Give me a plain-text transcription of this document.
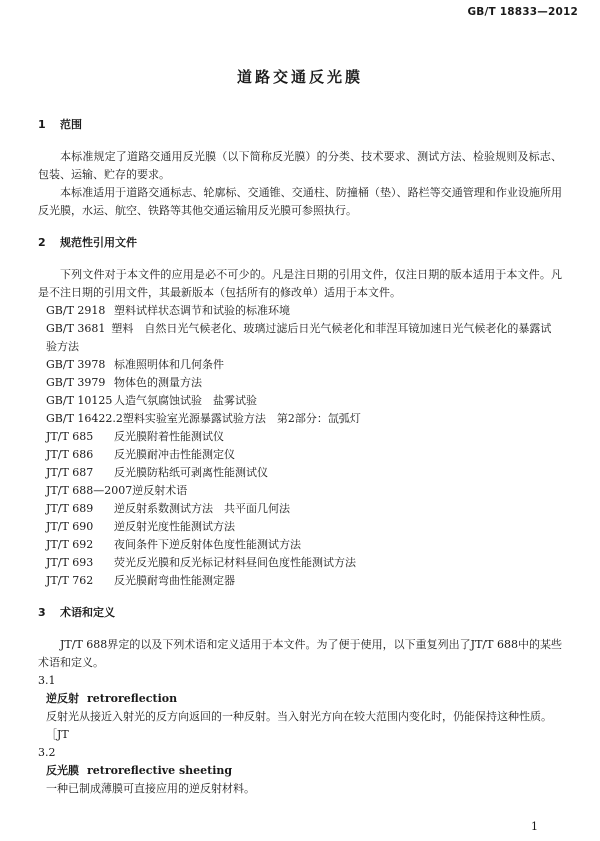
GB/T 18833—2012
道路交通反光膜

1 范围

本标准规定了道路交通用反光膜（以下简称反光膜）的分类、技术要求、测试方法、检验规则及标志、包装、运输、贮存的要求。

本标准适用于道路交通标志、轮廓标、交通锥、交通柱、防撞桶（垫）、路栏等交通管理和作业设施所用反光膜，水运、航空、铁路等其他交通运输用反光膜可参照执行。

2 规范性引用文件

下列文件对于本文件的应用是必不可少的。凡是注日期的引用文件，仅注日期的版本适用于本文件。凡是不注日期的引用文件，其最新版本（包括所有的修改单）适用于本文件。

GB/T 2918 塑料试样状态调节和试验的标准环境

GB/T 3681 塑料　自然日光气候老化、玻璃过滤后日光气候老化和菲涅耳镜加速日光气候老化的暴露试验方法

GB/T 3978 标准照明体和几何条件

GB/T 3979 物体色的测量方法

GB/T 10125 人造气氛腐蚀试验　盐雾试验

GB/T 16422.2塑料实验室光源暴露试验方法　第2部分：氙弧灯

JT/T 685 反光膜附着性能测试仪

JT/T 686 反光膜耐冲击性能测定仪

JT/T 687 反光膜防粘纸可剥离性能测试仪

JT/T 688—2007逆反射术语

JT/T 689 逆反射系数测试方法　共平面几何法

JT/T 690 逆反射光度性能测试方法

JT/T 692 夜间条件下逆反射体色度性能测试方法

JT/T 693 荧光反光膜和反光标记材料昼间色度性能测试方法

JT/T 762 反光膜耐弯曲性能测定器

3 术语和定义

JT/T 688界定的以及下列术语和定义适用于本文件。为了便于使用，以下重复列出了JT/T 688中的某些术语和定义。

3.1

逆反射 retroreflection

反射光从接近入射光的反方向返回的一种反射。当入射光方向在较大范围内变化时，仍能保持这种性质。

［JT

3.2

反光膜 retroreflective sheeting

一种已制成薄膜可直接应用的逆反射材料。

1
